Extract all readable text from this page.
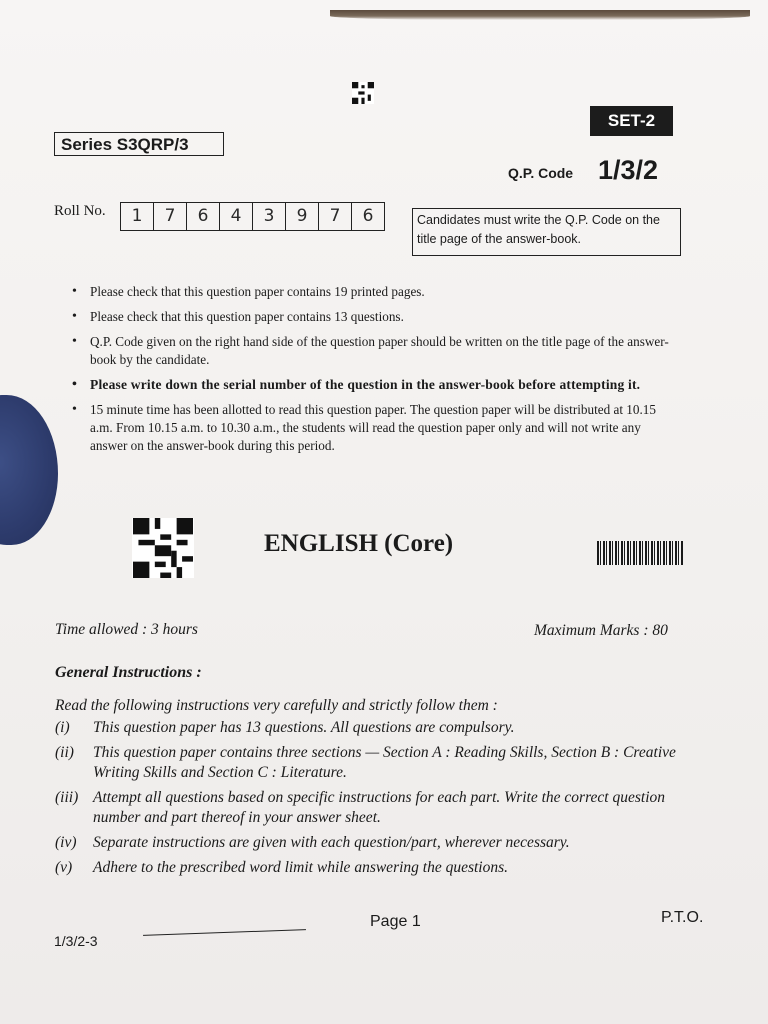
SET-2
Series S3QRP/3
Q.P. Code 1/3/2
Roll No.	1	7	6	4	3	9	7	6	Candidates must write the Q.P. Code on the title page of the answer-book.
• Please check that this question paper contains 19 printed pages.
• Please check that this question paper contains 13 questions.
• Q.P. Code given on the right hand side of the question paper should be written on the title page of the answer-book by the candidate.
• Please write down the serial number of the question in the answer-book before attempting it.
• 15 minute time has been allotted to read this question paper. The question paper will be distributed at 10.15 a.m. From 10.15 a.m. to 10.30 a.m., the students will read the question paper only and will not write any answer on the answer-book during this period.
ENGLISH (Core)
Time allowed : 3 hours	Maximum Marks : 80
General Instructions :
Read the following instructions very carefully and strictly follow them :
(i)	This question paper has 13 questions. All questions are compulsory.
(ii)	This question paper contains three sections — Section A : Reading Skills, Section B : Creative Writing Skills and Section C : Literature.
(iii) Attempt all questions based on specific instructions for each part. Write the correct question number and part thereof in your answer sheet.
(iv)	Separate instructions are given with each question/part, wherever necessary.
(v)	Adhere to the prescribed word limit while answering the questions.
Page 1	P.T.O.
1/3/2-3
